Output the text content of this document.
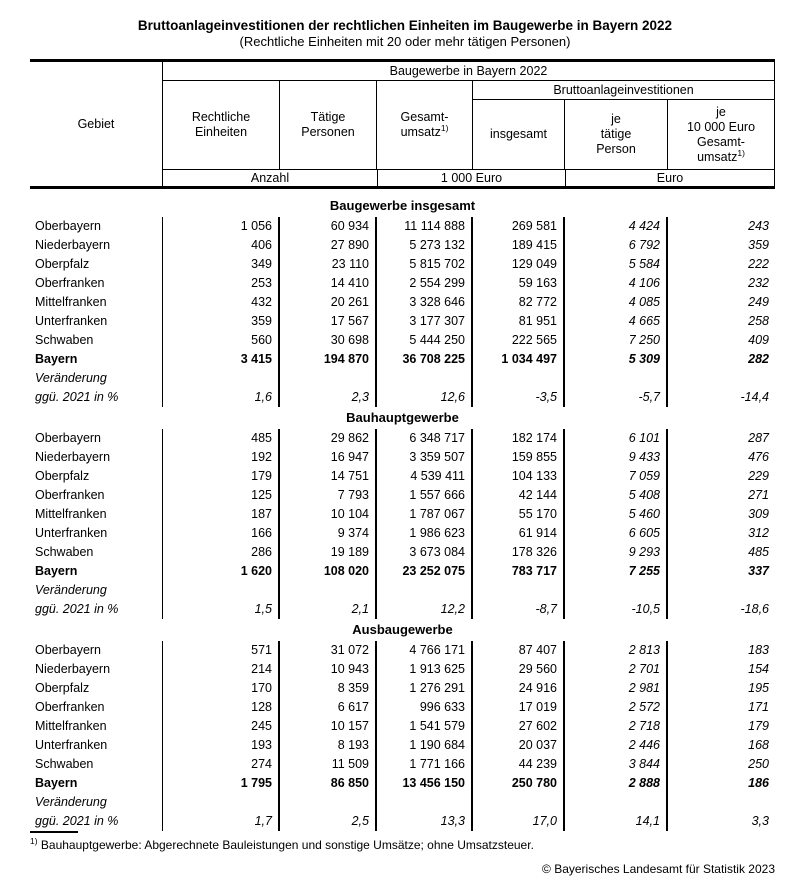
Bruttoanlageinvestitionen der rechtlichen Einheiten im Baugewerbe in Bayern 2022
(Rechtliche Einheiten mit 20 oder mehr tätigen Personen)
Gebiet
Baugewerbe in Bayern 2022
Rechtliche
Einheiten
Tätige
Personen
Gesamt-
umsatz$^{1)}$
Bruttoanlageinvestitionen
insgesamt
je
tätige
Person
je
10 000 Euro
Gesamt-
umsatz$^{1)}$
Anzahl	1 000 Euro	Euro
Baugewerbe insgesamt
Oberbayern	1 056	60 934	11 114 888	269 581	4 424	243
Niederbayern	406	27 890	5 273 132	189 415	6 792	359
Oberpfalz	349	23 110	5 815 702	129 049	5 584	222
Oberfranken	253	14 410	2 554 299	59 163	4 106	232
Mittelfranken	432	20 261	3 328 646	82 772	4 085	249
Unterfranken	359	17 567	3 177 307	81 951	4 665	258
Schwaben	560	30 698	5 444 250	222 565	7 250	409
Bayern	3 415	194 870	36 708 225	1 034 497	5 309	282
Veränderung
ggü. 2021 in %	1,6	2,3	12,6	-3,5	-5,7	-14,4
Bauhauptgewerbe
Oberbayern	485	29 862	6 348 717	182 174	6 101	287
Niederbayern	192	16 947	3 359 507	159 855	9 433	476
Oberpfalz	179	14 751	4 539 411	104 133	7 059	229
Oberfranken	125	7 793	1 557 666	42 144	5 408	271
Mittelfranken	187	10 104	1 787 067	55 170	5 460	309
Unterfranken	166	9 374	1 986 623	61 914	6 605	312
Schwaben	286	19 189	3 673 084	178 326	9 293	485
Bayern	1 620	108 020	23 252 075	783 717	7 255	337
Veränderung
ggü. 2021 in %	1,5	2,1	12,2	-8,7	-10,5	-18,6
Ausbaugewerbe
Oberbayern	571	31 072	4 766 171	87 407	2 813	183
Niederbayern	214	10 943	1 913 625	29 560	2 701	154
Oberpfalz	170	8 359	1 276 291	24 916	2 981	195
Oberfranken	128	6 617	996 633	17 019	2 572	171
Mittelfranken	245	10 157	1 541 579	27 602	2 718	179
Unterfranken	193	8 193	1 190 684	20 037	2 446	168
Schwaben	274	11 509	1 771 166	44 239	3 844	250
Bayern	1 795	86 850	13 456 150	250 780	2 888	186
Veränderung
ggü. 2021 in %	1,7	2,5	13,3	17,0	14,1	3,3
$^{1)}$ Bauhauptgewerbe: Abgerechnete Bauleistungen und sonstige Umsätze; ohne Umsatzsteuer.
© Bayerisches Landesamt für Statistik 2023
